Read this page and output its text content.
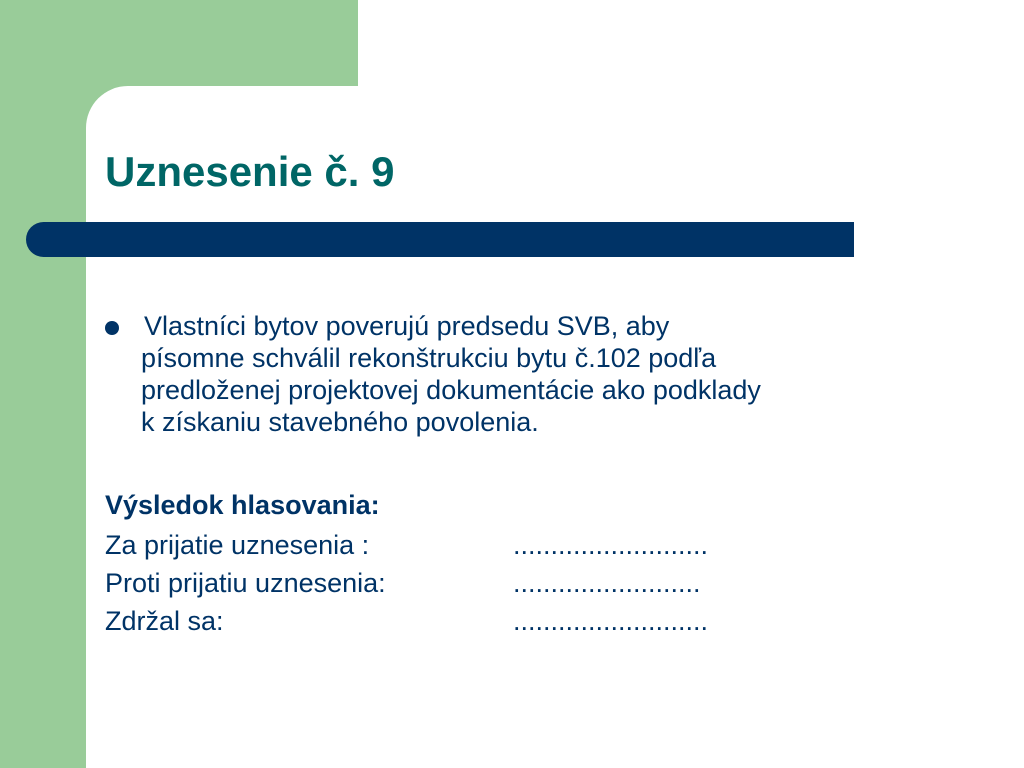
Uznesenie č. 9

Vlastníci bytov poverujú predsedu SVB, aby
písomne schválil rekonštrukciu bytu č.102 podľa
predloženej projektovej dokumentácie ako podklady
k získaniu stavebného povolenia.

Výsledok hlasovania:
Za prijatie uznesenia :	..........................
Proti prijatiu uznesenia:	.........................
Zdržal sa:	..........................
